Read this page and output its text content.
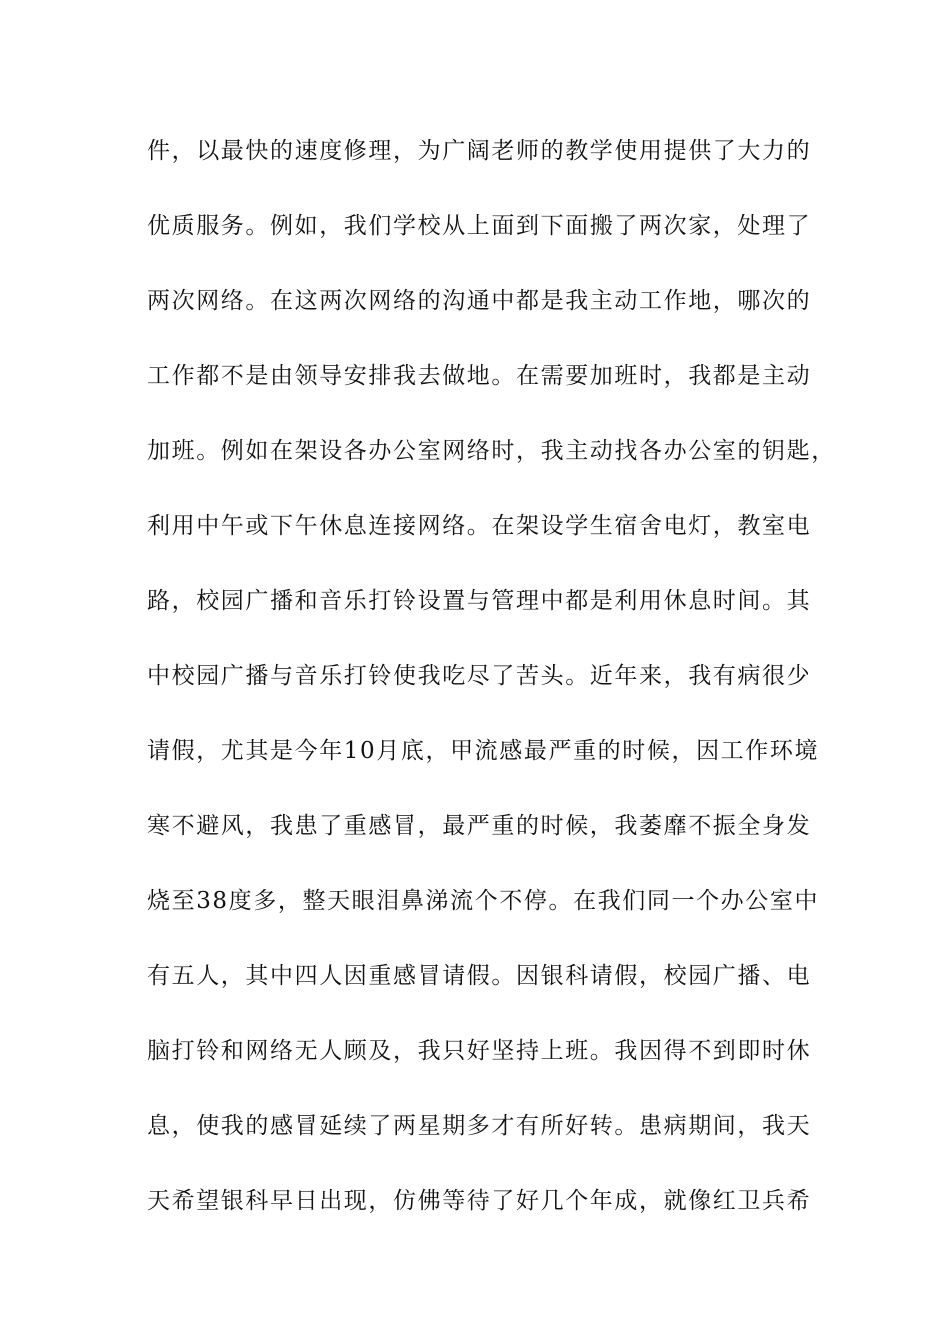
件，以最快的速度修理，为广阔老师的教学使用提供了大力的
优质服务。例如，我们学校从上面到下面搬了两次家，处理了
两次网络。在这两次网络的沟通中都是我主动工作地，哪次的
工作都不是由领导安排我去做地。在需要加班时，我都是主动
加班。例如在架设各办公室网络时，我主动找各办公室的钥匙，
利用中午或下午休息连接网络。在架设学生宿舍电灯，教室电
路，校园广播和音乐打铃设置与管理中都是利用休息时间。其
中校园广播与音乐打铃使我吃尽了苦头。近年来，我有病很少
请假，尤其是今年10月底，甲流感最严重的时候，因工作环境
寒不避风，我患了重感冒，最严重的时候，我萎靡不振全身发
烧至38度多，整天眼泪鼻涕流个不停。在我们同一个办公室中
有五人，其中四人因重感冒请假。因银科请假，校园广播、电
脑打铃和网络无人顾及，我只好坚持上班。我因得不到即时休
息，使我的感冒延续了两星期多才有所好转。患病期间，我天
天希望银科早日出现，仿佛等待了好几个年成，就像红卫兵希
